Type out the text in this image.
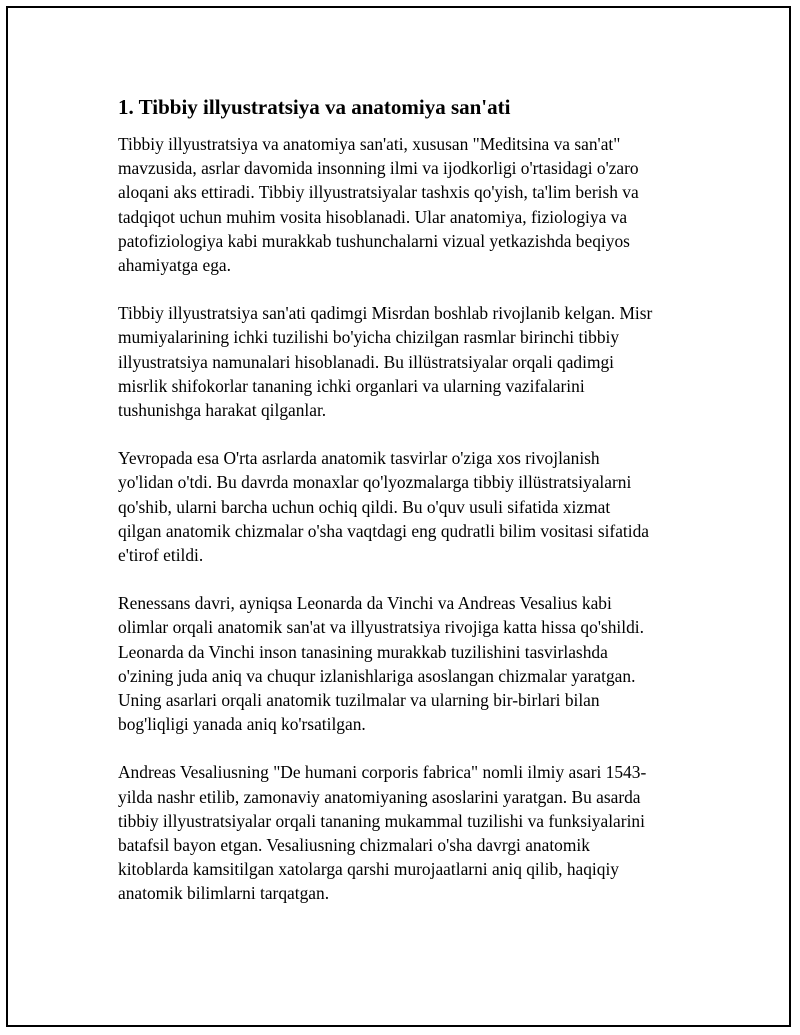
1. Tibbiy illyustratsiya va anatomiya san'ati
Tibbiy illyustratsiya va anatomiya san'ati, xususan "Meditsina va san'at"
mavzusida, asrlar davomida insonning ilmi va ijodkorligi o'rtasidagi o'zaro
aloqani aks ettiradi. Tibbiy illyustratsiyalar tashxis qo'yish, ta'lim berish va
tadqiqot uchun muhim vosita hisoblanadi. Ular anatomiya, fiziologiya va
patofiziologiya kabi murakkab tushunchalarni vizual yetkazishda beqiyos
ahamiyatga ega.
Tibbiy illyustratsiya san'ati qadimgi Misrdan boshlab rivojlanib kelgan. Misr
mumiyalarining ichki tuzilishi bo'yicha chizilgan rasmlar birinchi tibbiy
illyustratsiya namunalari hisoblanadi. Bu illüstratsiyalar orqali qadimgi
misrlik shifokorlar tananing ichki organlari va ularning vazifalarini
tushunishga harakat qilganlar.
Yevropada esa O'rta asrlarda anatomik tasvirlar o'ziga xos rivojlanish
yo'lidan o'tdi. Bu davrda monaxlar qo'lyozmalarga tibbiy illüstratsiyalarni
qo'shib, ularni barcha uchun ochiq qildi. Bu o'quv usuli sifatida xizmat
qilgan anatomik chizmalar o'sha vaqtdagi eng qudratli bilim vositasi sifatida
e'tirof etildi.
Renessans davri, ayniqsa Leonarda da Vinchi va Andreas Vesalius kabi
olimlar orqali anatomik san'at va illyustratsiya rivojiga katta hissa qo'shildi.
Leonarda da Vinchi inson tanasining murakkab tuzilishini tasvirlashda
o'zining juda aniq va chuqur izlanishlariga asoslangan chizmalar yaratgan.
Uning asarlari orqali anatomik tuzilmalar va ularning bir-birlari bilan
bog'liqligi yanada aniq ko'rsatilgan.
Andreas Vesaliusning "De humani corporis fabrica" nomli ilmiy asari 1543-
yilda nashr etilib, zamonaviy anatomiyaning asoslarini yaratgan. Bu asarda
tibbiy illyustratsiyalar orqali tananing mukammal tuzilishi va funksiyalarini
batafsil bayon etgan. Vesaliusning chizmalari o'sha davrgi anatomik
kitoblarda kamsitilgan xatolarga qarshi murojaatlarni aniq qilib, haqiqiy
anatomik bilimlarni tarqatgan.
